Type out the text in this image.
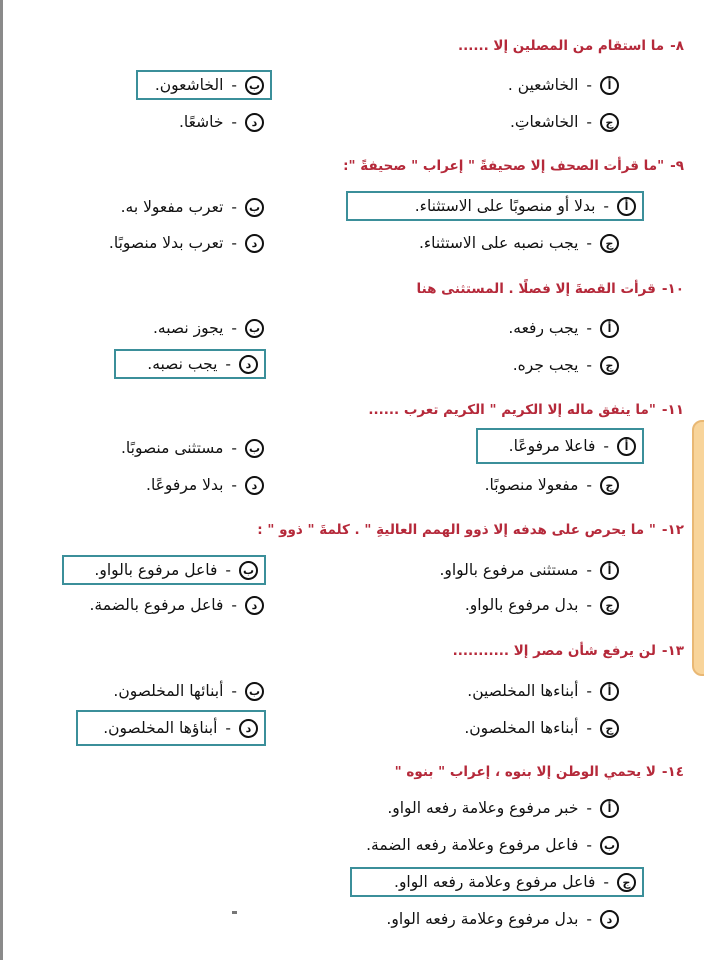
٨-ما استقام من المصلين إلا ......
أ
-
الخاشعين .
ب
-
الخاشعون.
ج
-
الخاشعاتِ.
د
-
خاشعًا.
٩-"ما قرأت الصحف إلا صحيفةً " إعراب " صحيفةً ":
أ
-
بدلا أو منصوبًا على الاستثناء.
ب
-
تعرب مفعولا به.
ج
-
يجب نصبه على الاستثناء.
د
-
تعرب بدلا منصوبًا.
١٠-قرأت القصةَ إلا فصلًا . المستثنى هنا
أ
-
يجب رفعه.
ب
-
يجوز نصبه.
ج
-
يجب جره.
د
-
يجب نصبه.
١١-"ما ينفق ماله إلا الكريم " الكريم تعرب ......
أ
-
فاعلا مرفوعًا.
ب
-
مستثنى منصوبًا.
ج
-
مفعولا منصوبًا.
د
-
بدلا مرفوعًا.
١٢-" ما يحرص على هدفه إلا ذوو الهمم العاليةِ " . كلمةَ " ذوو " :
أ
-
مستثنى مرفوع بالواو.
ب
-
فاعل مرفوع بالواو.
ج
-
بدل مرفوع بالواو.
د
-
فاعل مرفوع بالضمة.
١٣-لن يرفع شأن مصر إلا ...........
أ
-
أبناءها المخلصين.
ب
-
أبنائها المخلصون.
ج
-
أبناءها المخلصون.
د
-
أبناؤها المخلصون.
١٤-لا يحمي الوطن إلا بنوه ، إعراب " بنوه "
أ
-
خبر مرفوع وعلامة رفعه الواو.
ب
-
فاعل مرفوع وعلامة رفعه الضمة.
ج
-
فاعل مرفوع وعلامة رفعه الواو.
د
-
بدل مرفوع وعلامة رفعه الواو.
